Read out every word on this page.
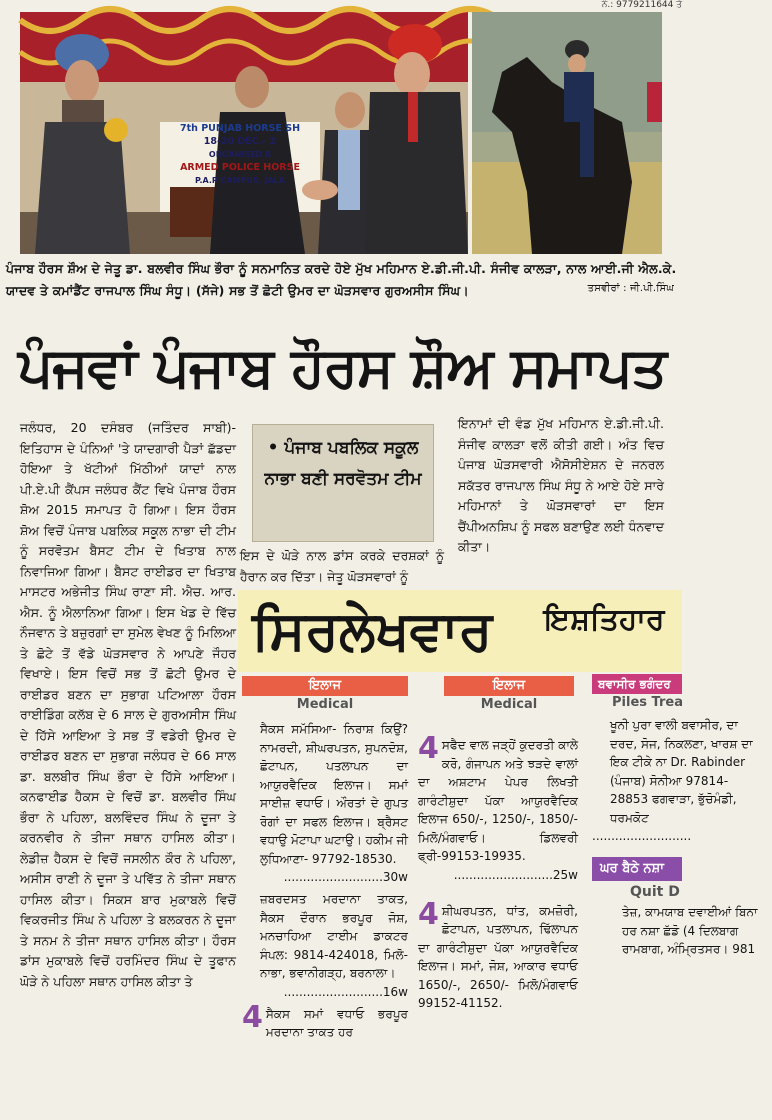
ਨੰ.: 9779211644 ਤੇ
7th PUNJAB HORSE SH
18-20 DEC.- 2
ORGANISED B
ARMED POLICE HORSE
P.A.P CAMPUS, JALA
ਪੰਜਾਬ ਹੌਰਸ ਸ਼ੌਅ ਦੇ ਜੇਤੂ ਡਾ. ਬਲਵੀਰ ਸਿੰਘ ਭੌਰਾ ਨੂੰ ਸਨਮਾਨਿਤ ਕਰਦੇ ਹੋਏ ਮੁੱਖ ਮਹਿਮਾਨ ਏ.ਡੀ.ਜੀ.ਪੀ. ਸੰਜੀਵ ਕਾਲੜਾ, ਨਾਲ ਆਈ.ਜੀ ਐਲ.ਕੇ. ਯਾਦਵ ਤੇ ਕਮਾਂਡੈਂਟ ਰਾਜਪਾਲ ਸਿੰਘ ਸੰਧੂ। (ਸੱਜੇ) ਸਭ ਤੋਂ ਛੋਟੀ ਉਮਰ ਦਾ ਘੋੜਸਵਾਰ ਗੁਰਅਸੀਸ ਸਿੰਘ।	ਤਸਵੀਰਾਂ : ਜੀ.ਪੀ.ਸਿੰਘ
ਪੰਜਵਾਂ ਪੰਜਾਬ ਹੌਰਸ ਸ਼ੌਅ ਸਮਾਪਤ
ਜਲੰਧਰ, 20 ਦਸੰਬਰ (ਜਤਿੰਦਰ ਸਾਬੀ)- ਇਤਿਹਾਸ ਦੇ ਪੰਨਿਆਂ 'ਤੇ ਯਾਦਗਾਰੀ ਪੈੜਾਂ ਛੱਡਦਾ ਹੋਇਆ ਤੇ ਖੱਟੀਆਂ ਮਿੱਠੀਆਂ ਯਾਦਾਂ ਨਾਲ ਪੀ.ਏ.ਪੀ ਕੈਂਪਸ ਜਲੰਧਰ ਕੈਂਟ ਵਿਖੇ ਪੰਜਾਬ ਹੌਰਸ ਸ਼ੋਅ 2015 ਸਮਾਪਤ ਹੋ ਗਿਆ। ਇਸ ਹੌਰਸ ਸ਼ੋਅ ਵਿਚੋਂ ਪੰਜਾਬ ਪਬਲਿਕ ਸਕੂਲ ਨਾਭਾ ਦੀ ਟੀਮ ਨੂੰ ਸਰਵੋਤਮ ਬੈਸਟ ਟੀਮ ਦੇ ਖਿਤਾਬ ਨਾਲ ਨਿਵਾਜਿਆ ਗਿਆ। ਬੈਸਟ ਰਾਈਡਰ ਦਾ ਖਿਤਾਬ ਮਾਸਟਰ ਅਭੇਜੀਤ ਸਿੰਘ ਰਾਣਾ ਸੀ. ਐਚ. ਆਰ. ਐਸ. ਨੂੰ ਐਲਾਨਿਆ ਗਿਆ। ਇਸ ਖੇਡ ਦੇ ਵਿੱਚ ਨੌਜਵਾਨ ਤੇ ਬਜ਼ੁਰਗਾਂ ਦਾ ਸੁਮੇਲ ਵੇਖਣ ਨੂੰ ਮਿਲਿਆ ਤੇ ਛੋਟੇ ਤੋਂ ਵੱਡੇ ਘੋੜਸਵਾਰ ਨੇ ਆਪਣੇ ਜੌਹਰ ਵਿਖਾਏ। ਇਸ ਵਿਚੋਂ ਸਭ ਤੋਂ ਛੋਟੀ ਉਮਰ ਦੇ ਰਾਈਡਰ ਬਣਨ ਦਾ ਸੁਭਾਗ ਪਟਿਆਲਾ ਹੌਰਸ ਰਾਈਡਿੰਗ ਕਲੱਬ ਦੇ 6 ਸਾਲ ਦੇ ਗੁਰਅਸੀਸ ਸਿੰਘ ਦੇ ਹਿੱਸੇ ਆਇਆ ਤੇ ਸਭ ਤੋਂ ਵਡੇਰੀ ਉਮਰ ਦੇ ਰਾਈਡਰ ਬਣਨ ਦਾ ਸੁਭਾਗ ਜਲੰਧਰ ਦੇ 66 ਸਾਲ ਡਾ. ਬਲਬੀਰ ਸਿੰਘ ਭੌਰਾ ਦੇ ਹਿੱਸੇ ਆਇਆ। ਕਨਫਾਈਡ ਹੈਕਸ ਦੇ ਵਿਚੋਂ ਡਾ. ਬਲਵੀਰ ਸਿੰਘ ਭੌਰਾ ਨੇ ਪਹਿਲਾ, ਬਲਵਿੰਦਰ ਸਿੰਘ ਨੇ ਦੂਜਾ ਤੇ ਕਰਨਵੀਰ ਨੇ ਤੀਜਾ ਸਥਾਨ ਹਾਸਿਲ ਕੀਤਾ। ਲੇਡੀਜ਼ ਹੈਕਸ ਦੇ ਵਿਚੋਂ ਜਸਲੀਨ ਕੌਰ ਨੇ ਪਹਿਲਾ, ਅਸੀਸ ਰਾਣੀ ਨੇ ਦੂਜਾ ਤੇ ਪਵਿੱਤ ਨੇ ਤੀਜਾ ਸਥਾਨ ਹਾਸਿਲ ਕੀਤਾ। ਸਿਕਸ ਬਾਰ ਮੁਕਾਬਲੇ ਵਿਚੋਂ ਵਿਕਰਜੀਤ ਸਿੰਘ ਨੇ ਪਹਿਲਾ ਤੇ ਬਲਕਰਨ ਨੇ ਦੂਜਾ ਤੇ ਸਨਮ ਨੇ ਤੀਜਾ ਸਥਾਨ ਹਾਸਿਲ ਕੀਤਾ। ਹੌਰਸ ਡਾਂਸ ਮੁਕਾਬਲੇ ਵਿਚੋਂ ਹਰਮਿੰਦਰ ਸਿੰਘ ਦੇ ਤੂਫਾਨ ਘੋੜੇ ਨੇ ਪਹਿਲਾ ਸਥਾਨ ਹਾਸਿਲ ਕੀਤਾ ਤੇ
• ਪੰਜਾਬ ਪਬਲਿਕ ਸਕੂਲ ਨਾਭਾ ਬਣੀ ਸਰਵੋਤਮ ਟੀਮ
ਇਸ ਦੇ ਘੋੜੇ ਨਾਲ ਡਾਂਸ ਕਰਕੇ ਦਰਸ਼ਕਾਂ ਨੂੰ ਹੈਰਾਨ ਕਰ ਦਿੱਤਾ। ਜੇਤੂ ਘੋੜਸਵਾਰਾਂ ਨੂੰ
ਇਨਾਮਾਂ ਦੀ ਵੰਡ ਮੁੱਖ ਮਹਿਮਾਨ ਏ.ਡੀ.ਜੀ.ਪੀ. ਸੰਜੀਵ ਕਾਲੜਾ ਵਲੋਂ ਕੀਤੀ ਗਈ। ਅੰਤ ਵਿਚ ਪੰਜਾਬ ਘੋੜਸਵਾਰੀ ਐਸੋਸੀਏਸ਼ਨ ਦੇ ਜਨਰਲ ਸਕੱਤਰ ਰਾਜਪਾਲ ਸਿੰਘ ਸੰਧੂ ਨੇ ਆਏ ਹੋਏ ਸਾਰੇ ਮਹਿਮਾਨਾਂ ਤੇ ਘੋੜਸਵਾਰਾਂ ਦਾ ਇਸ ਚੈਂਪੀਅਨਸ਼ਿਪ ਨੂੰ ਸਫਲ ਬਣਾਉਣ ਲਈ ਧੰਨਵਾਦ ਕੀਤਾ।
ਸਿਰਲੇਖਵਾਰ ਇਸ਼ਤਿਹਾਰ
ਇਲਾਜ
Medical
ਸੈਕਸ ਸਮੱਸਿਆ- ਨਿਰਾਸ਼ ਕਿਉਂ? ਨਾਮਰਦੀ, ਸ਼ੀਘਰਪਤਨ, ਸੁਪਨਦੋਸ਼, ਛੋਟਾਪਨ, ਪਤਲਾਪਨ ਦਾ ਆਯੁਰਵੈਦਿਕ ਇਲਾਜ। ਸਮਾਂ ਸਾਈਜ਼ ਵਧਾਓ। ਔਰਤਾਂ ਦੇ ਗੁਪਤ ਰੋਗਾਂ ਦਾ ਸਫਲ ਇਲਾਜ। ਬ੍ਰੈਸਟ ਵਧਾਉ ਮੋਟਾਪਾ ਘਟਾਉ। ਹਕੀਮ ਜੀ ਲੁਧਿਆਣਾ- 97792-18530.
..........................30w
ਜ਼ਬਰਦਸਤ ਮਰਦਾਨਾ ਤਾਕਤ, ਸੈਕਸ ਦੌਰਾਨ ਭਰਪੂਰ ਜੋਸ਼, ਮਨਚਾਹਿਆ ਟਾਈਮ ਡਾਕਟਰ ਸੰਪਲ: 9814-424018, ਮਿਲੋ- ਨਾਭਾ, ਭਵਾਨੀਗੜ੍ਹ, ਬਰਨਾਲਾ।
..........................16w
4 ਸੈਕਸ ਸਮਾਂ ਵਧਾਓ ਭਰਪੂਰ ਮਰਦਾਨਾ ਤਾਕਤ ਹਰ
ਇਲਾਜ
Medical
4 ਸਫੈਦ ਵਾਲ ਜੜ੍ਹੋਂ ਕੁਦਰਤੀ ਕਾਲੇ ਕਰੋ, ਗੰਜਾਪਨ ਅਤੇ ਝੜਦੇ ਵਾਲਾਂ ਦਾ ਅਸ਼ਟਾਮ ਪੇਪਰ ਲਿਖਤੀ ਗਾਰੰਟੀਸ਼ੁਦਾ ਪੱਕਾ ਆਯੁਰਵੈਦਿਕ ਇਲਾਜ 650/-, 1250/-, 1850/- ਮਿਲੋ/ਮੰਗਵਾਓ। ਡਿਲਵਰੀ ਫ੍ਰੀ-99153-19935.
..........................25w
4 ਸ਼ੀਘਰਪਤਨ, ਧਾਂਤ, ਕਮਜ਼ੋਰੀ, ਛੋਟਾਪਨ, ਪਤਲਾਪਨ, ਢਿੱਲਾਪਨ ਦਾ ਗਾਰੰਟੀਸ਼ੁਦਾ ਪੱਕਾ ਆਯੁਰਵੈਦਿਕ ਇਲਾਜ। ਸਮਾਂ, ਜੋਸ਼, ਆਕਾਰ ਵਧਾਓ 1650/-, 2650/- ਮਿਲੋ/ਮੰਗਵਾਓ 99152-41152.
ਬਵਾਸੀਰ ਭਗੰਦਰ
Piles Trea
ਖੂਨੀ ਪੁਰਾ ਵਾਲੀ ਬਵਾਸੀਰ, ਦਾ ਦਰਦ, ਸੋਜ, ਨਿਕਲਣਾ, ਖਾਰਸ਼ ਦਾ ਇਕ ਟੀਕੇ ਨਾ Dr. Rabinder (ਪੰਜਾਬ) ਸੋਨੀਆ 97814-28853 ਫਗਵਾੜਾ, ਭੁੱਚੋਮੰਡੀ, ਧਰਮਕੋਟ
..........................
ਘਰ ਬੈਠੇ ਨਸ਼ਾ
Quit D
ਤੇਜ਼, ਕਾਮਯਾਬ ਦਵਾਈਆਂ ਬਿਨਾ ਹਰ ਨਸ਼ਾ ਛੱਡੋ (4 ਦਿਲਬਾਗ ਰਾਮਬਾਗ, ਅੰਮ੍ਰਿਤਸਰ। 981
